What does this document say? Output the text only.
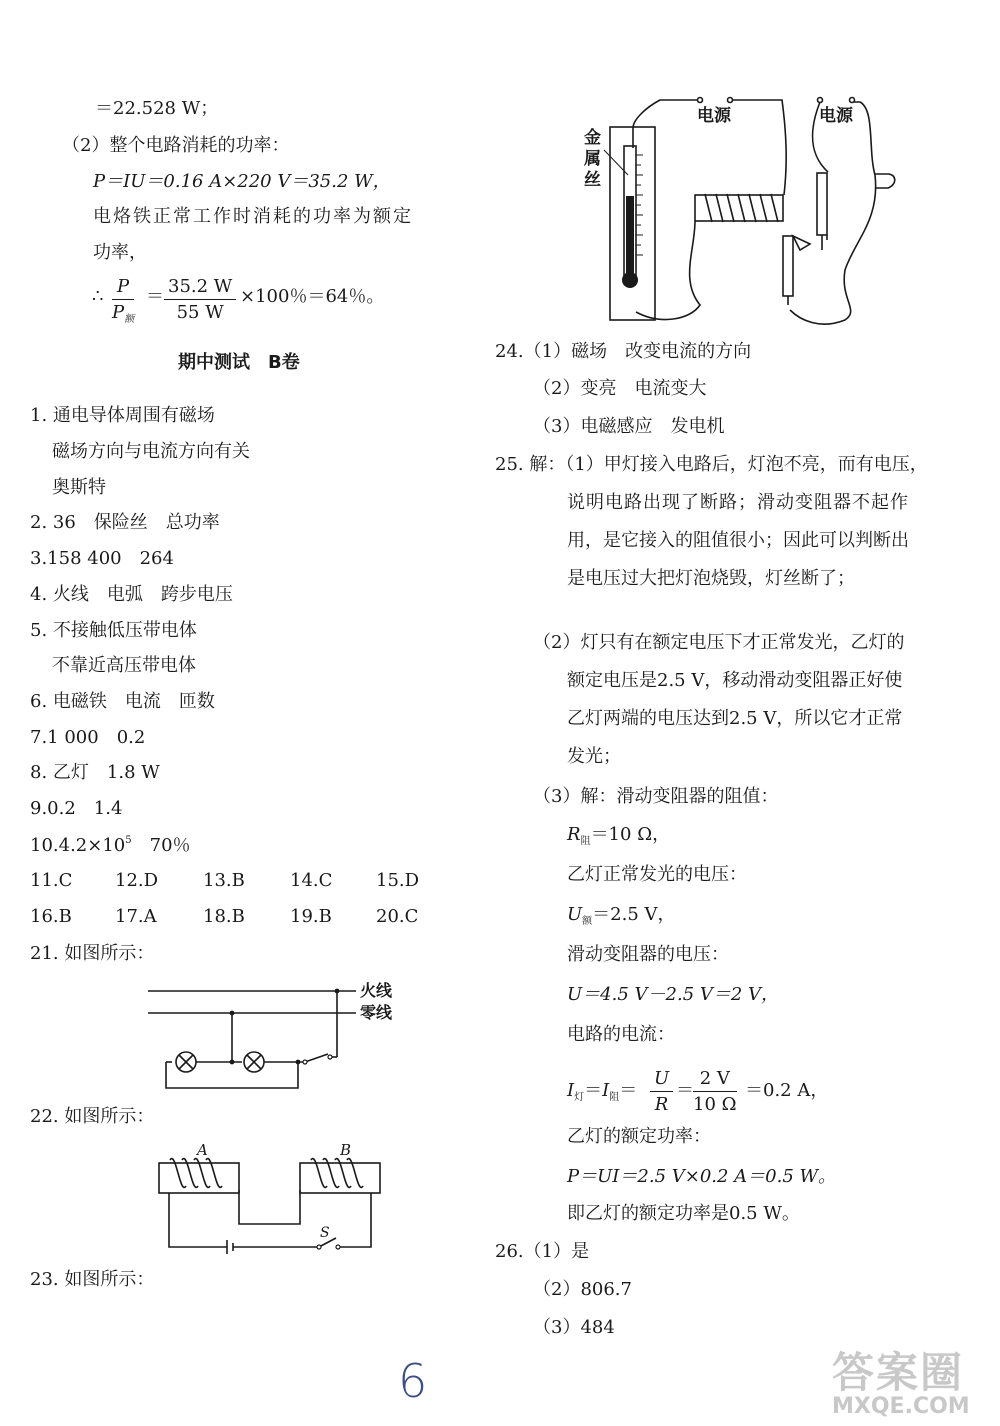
＝22.528 W；
（2）整个电路消耗的功率：
P＝IU＝0.16 A×220 V＝35.2 W，
电烙铁正常工作时消耗的功率为额定
功率，
∴ P
$P_额$
＝ $\frac{35.2 W}{55 W} \times 100$％＝64％。
期中测试　B卷
1. 通电导体周围有磁场
磁场方向与电流方向有关
奥斯特
2. 36　保险丝　总功率
3.158 400　264
4. 火线　电弧　跨步电压
5. 不接触低压带电体
不靠近高压带电体
6. 电磁铁　电流　匝数
7.1 000　0.2
8. 乙灯　1.8 W
9.0.2　1.4
$10.4.2\times 10^5$　70％
11.C 12.D 13.B	14.C 15.D
16.B 17.A	18.B	19.B 20.C
21. 如图所示：
火线
零线
22. 如图所示：
A	B
S
23. 如图所示：
金
属
丝
电源	电源
24.（1）磁场　改变电流的方向
（2）变亮　电流变大
（3）电磁感应　发电机
25. 解：（1）甲灯接入电路后，灯泡不亮，而有电压，
说明电路出现了断路；滑动变阻器不起作
用，是它接入的阻值很小；因此可以判断出
是电压过大把灯泡烧毁，灯丝断了；
（2）灯只有在额定电压下才正常发光，乙灯的
额定电压是2.5 V，移动滑动变阻器正好使
乙灯两端的电压达到2.5 V，所以它才正常
发光；
（3）解：滑动变阻器的阻值：
$R_阻=10$ Ω，
乙灯正常发光的电压：
$U_额=2.5$ V，
滑动变阻器的电压：
U＝4.5 V－2.5 V＝2 V，
电路的电流：
$I_灯=I_阻= \frac{U}{R} = \frac{2 V}{10 \Omega} =0.2$ A，
乙灯的额定功率：
P＝UI＝2.5 V×0.2 A＝0.5 W。
即乙灯的额定功率是0.5 W。
26.（1）是
（2）806.7
（3）484
6	答案圈
MXQE.COM
